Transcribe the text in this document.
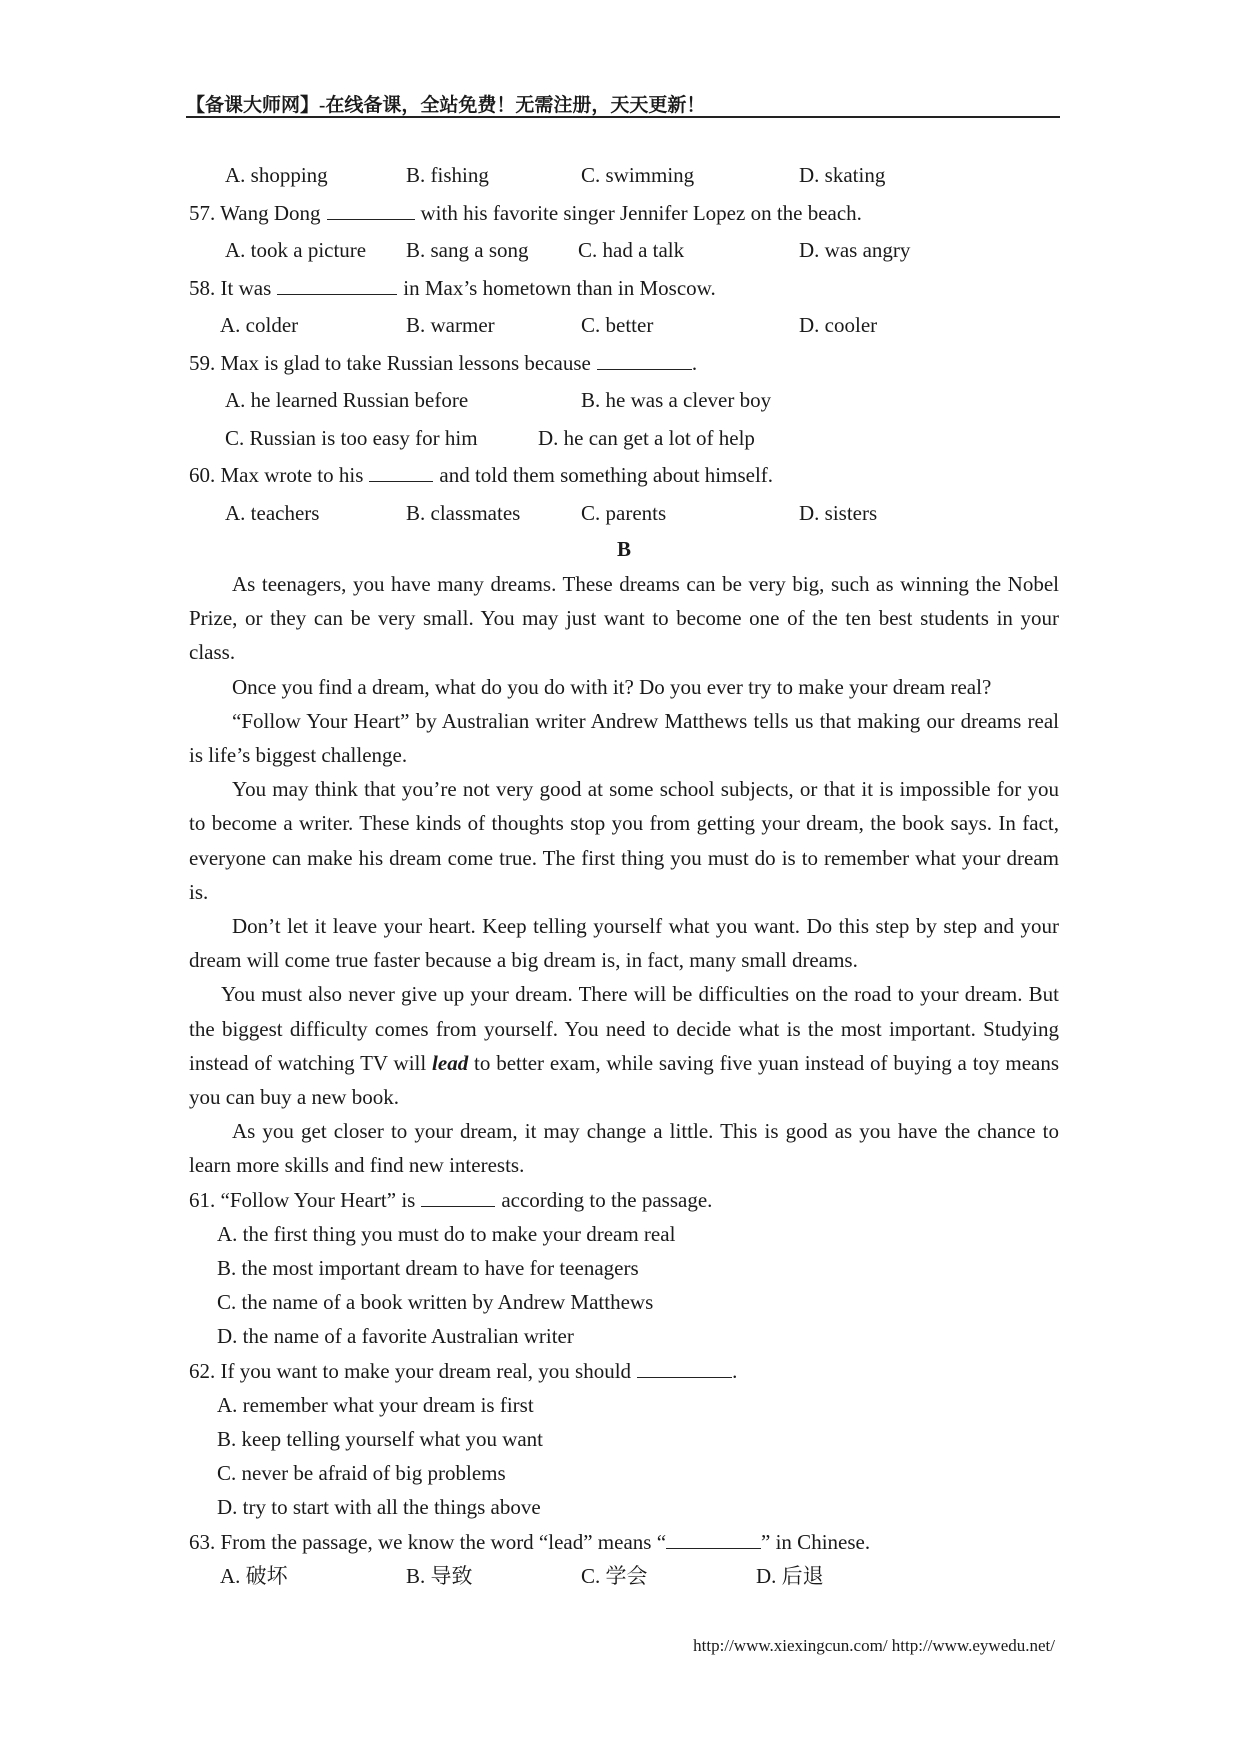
【备课大师网】-在线备课，全站免费！无需注册，天天更新！
A. shopping	B. fishing	C. swimming	D. skating
57. Wang Dong	with his favorite singer Jennifer Lopez on the beach.
A. took a picture B. sang a song C. had a talk	D. was angry
58. It was	in Max’s hometown than in Moscow.
A. colder	B. warmer	C. better	D. cooler
59. Max is glad to take Russian lessons because	.
A. he learned Russian before	B. he was a clever boy
C. Russian is too easy for him	D. he can get a lot of help
60. Max wrote to his	and told them something about himself.
A. teachers	B. classmates	C. parents	D. sisters
B

As teenagers, you have many dreams. These dreams can be very big, such as winning the Nobel Prize, or they can be very small. You may just want to become one of the ten best students in your class.

Once you find a dream, what do you do with it? Do you ever try to make your dream real?

“Follow Your Heart” by Australian writer Andrew Matthews tells us that making our dreams real is life’s biggest challenge.

You may think that you’re not very good at some school subjects, or that it is impossible for you to become a writer. These kinds of thoughts stop you from getting your dream, the book says. In fact, everyone can make his dream come true. The first thing you must do is to remember what your dream is.

Don’t let it leave your heart. Keep telling yourself what you want. Do this step by step and your dream will come true faster because a big dream is, in fact, many small dreams.

You must also never give up your dream. There will be difficulties on the road to your dream. But the biggest difficulty comes from yourself. You need to decide what is the most important. Studying instead of watching TV will lead to better exam, while saving five yuan instead of buying a toy means you can buy a new book.

As you get closer to your dream, it may change a little. This is good as you have the chance to learn more skills and find new interests.

61. “Follow Your Heart” is	according to the passage.
A. the first thing you must do to make your dream real
B. the most important dream to have for teenagers
C. the name of a book written by Andrew Matthews
D. the name of a favorite Australian writer
62. If you want to make your dream real, you should	.
A. remember what your dream is first
B. keep telling yourself what you want
C. never be afraid of big problems
D. try to start with all the things above
63. From the passage, we know the word “lead” means “	” in Chinese.
A. 破坏	B. 导致	C. 学会	D. 后退
http://www.xiexingcun.com/ http://www.eywedu.net/
